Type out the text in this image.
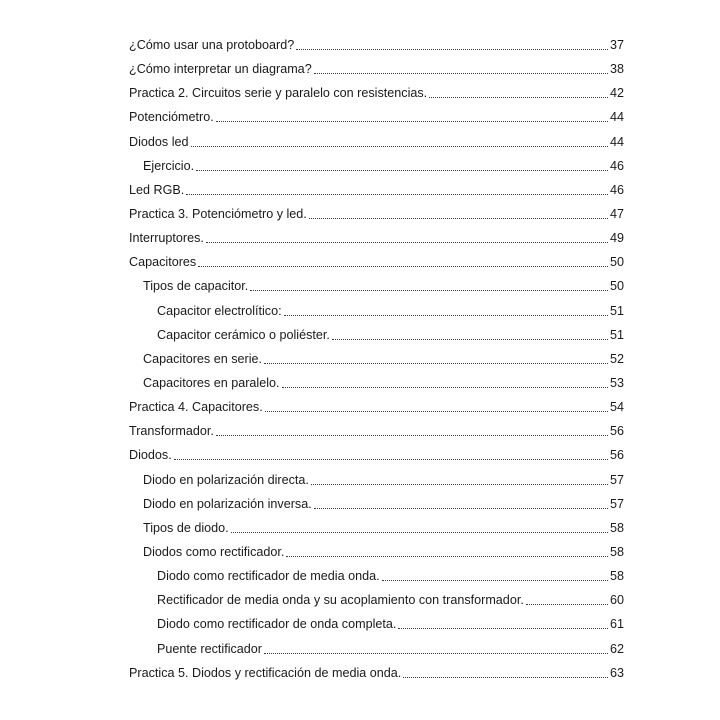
¿Cómo usar una protoboard?	37
¿Cómo interpretar un diagrama?	38
Practica 2. Circuitos serie y paralelo con resistencias.	42
Potenciómetro.	44
Diodos led	44
Ejercicio.	46
Led RGB.	46
Practica 3. Potenciómetro y led.	47
Interruptores.	49
Capacitores	50
Tipos de capacitor.	50
Capacitor electrolítico:	51
Capacitor cerámico o poliéster.	51
Capacitores en serie.	52
Capacitores en paralelo.	53
Practica 4. Capacitores.	54
Transformador.	56
Diodos.	56
Diodo en polarización directa.	57
Diodo en polarización inversa.	57
Tipos de diodo.	58
Diodos como rectificador.	58
Diodo como rectificador de media onda.	58
Rectificador de media onda y su acoplamiento con transformador.	60
Diodo como rectificador de onda completa.	61
Puente rectificador	62
Practica 5. Diodos y rectificación de media onda.	63
